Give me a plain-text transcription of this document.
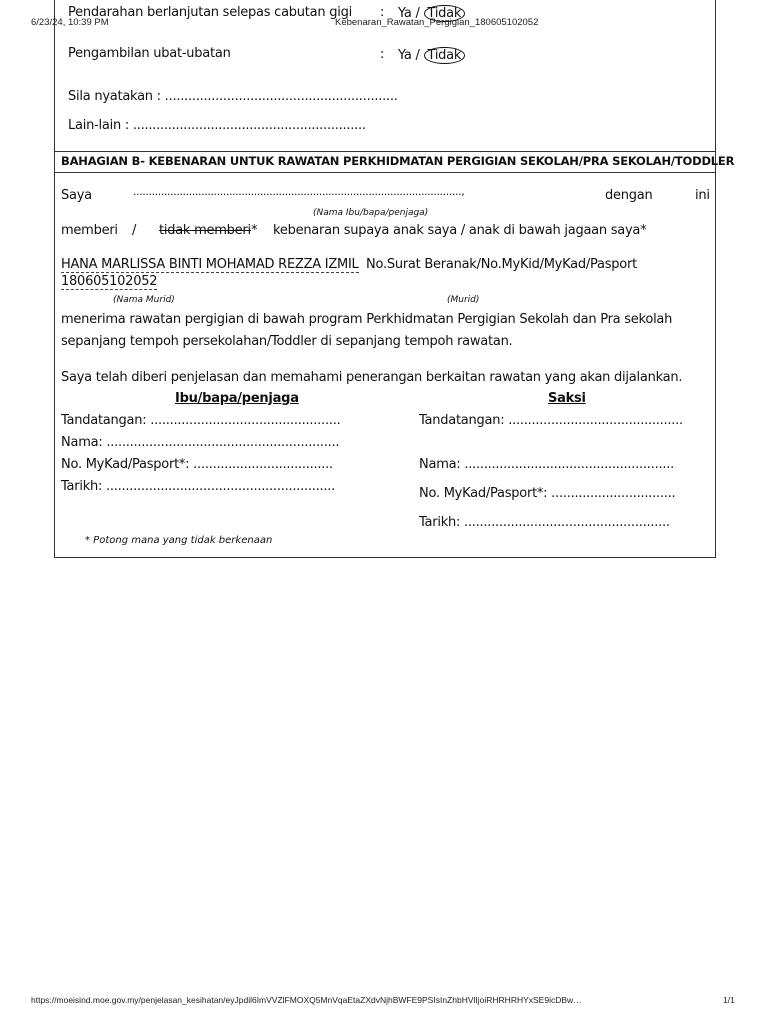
6/23/24, 10:39 PM	Kebenaran_Rawatan_Pergigian_180605102052
Pendarahan berlanjutan selepas cabutan gigi : Ya / Tidak
Pengambilan ubat-ubatan	: Ya / Tidak
Sila nyatakan : ............................................................
Lain-lain : ............................................................
BAHAGIAN B- KEBENARAN UNTUK RAWATAN PERKHIDMATAN PERGIGIAN SEKOLAH/PRA SEKOLAH/TODDLER
Saya	..........................................................................................................,	dengan	ini
(Nama Ibu/bapa/penjaga)
memberi / tidak memberi * kebenaran supaya anak saya / anak di bawah jagaan saya*
HANA MARLISSA BINTI MOHAMAD REZZA IZMIL No.Surat Beranak/No.MyKid/MyKad/Pasport
180605102052
(Nama Murid)	(Murid)
menerima rawatan pergigian di bawah program Perkhidmatan Pergigian Sekolah dan Pra sekolah
sepanjang tempoh persekolahan/Toddler di sepanjang tempoh rawatan.
Saya telah diberi penjelasan dan memahami penerangan berkaitan rawatan yang akan dijalankan.
Ibu/bapa/penjaga	Saksi
Tandatangan: .................................................
Nama: ............................................................
No. MyKad/Pasport*: ....................................
Tarikh: ...........................................................
Tandatangan: .............................................
Nama: ......................................................
No. MyKad/Pasport*: ................................
Tarikh: .....................................................
* Potong mana yang tidak berkenaan
https://moeisind.moe.gov.my/penjelasan_kesihatan/eyJpdil6ImVVZlFMOXQ5MnVqaEtaZXdvNjhBWFE9PSIsInZhbHVlIjoiRHRHRHYxSE9icDBw…	1/1
